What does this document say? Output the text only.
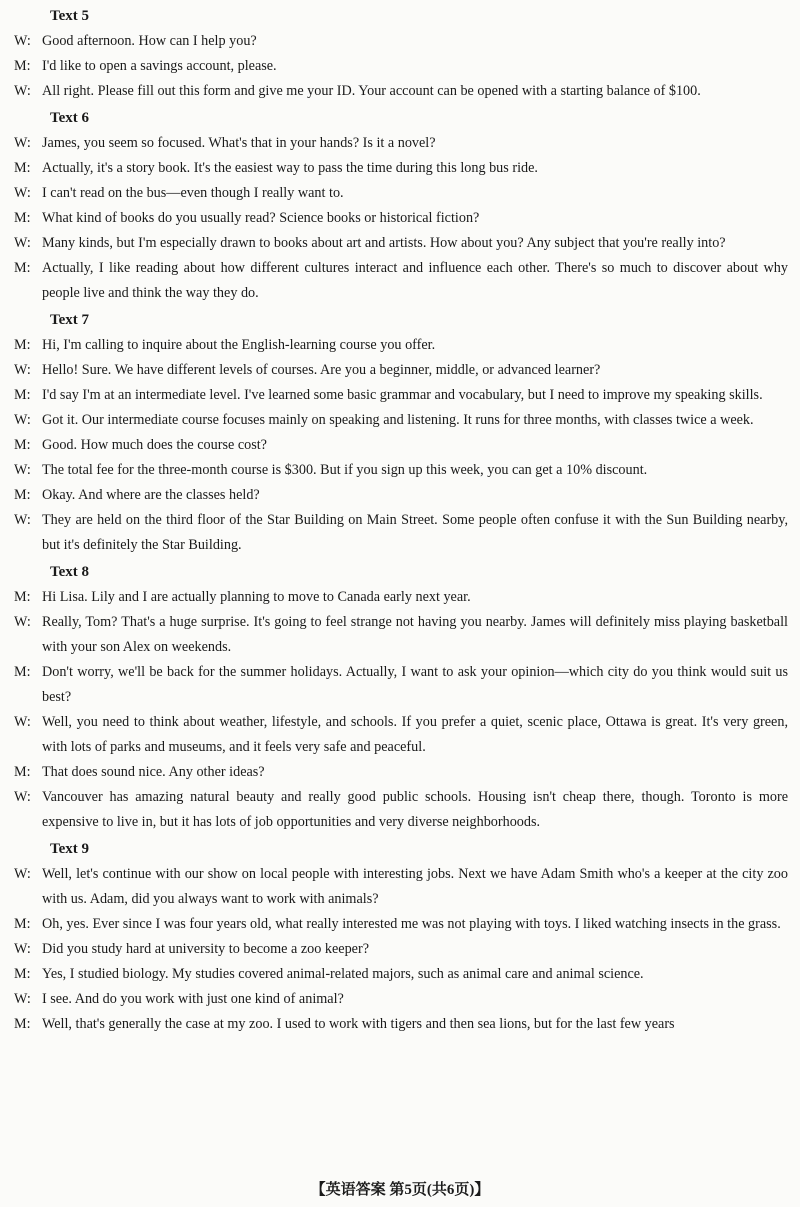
Text 5
W: Good afternoon. How can I help you?
M: I'd like to open a savings account, please.
W: All right. Please fill out this form and give me your ID. Your account can be opened with a starting balance of $100.
Text 6
W: James, you seem so focused. What's that in your hands? Is it a novel?
M: Actually, it's a story book. It's the easiest way to pass the time during this long bus ride.
W: I can't read on the bus—even though I really want to.
M: What kind of books do you usually read? Science books or historical fiction?
W: Many kinds, but I'm especially drawn to books about art and artists. How about you? Any subject that you're really into?
M: Actually, I like reading about how different cultures interact and influence each other. There's so much to discover about why people live and think the way they do.
Text 7
M: Hi, I'm calling to inquire about the English-learning course you offer.
W: Hello! Sure. We have different levels of courses. Are you a beginner, middle, or advanced learner?
M: I'd say I'm at an intermediate level. I've learned some basic grammar and vocabulary, but I need to improve my speaking skills.
W: Got it. Our intermediate course focuses mainly on speaking and listening. It runs for three months, with classes twice a week.
M: Good. How much does the course cost?
W: The total fee for the three-month course is $300. But if you sign up this week, you can get a 10% discount.
M: Okay. And where are the classes held?
W: They are held on the third floor of the Star Building on Main Street. Some people often confuse it with the Sun Building nearby, but it's definitely the Star Building.
Text 8
M: Hi Lisa. Lily and I are actually planning to move to Canada early next year.
W: Really, Tom? That's a huge surprise. It's going to feel strange not having you nearby. James will definitely miss playing basketball with your son Alex on weekends.
M: Don't worry, we'll be back for the summer holidays. Actually, I want to ask your opinion—which city do you think would suit us best?
W: Well, you need to think about weather, lifestyle, and schools. If you prefer a quiet, scenic place, Ottawa is great. It's very green, with lots of parks and museums, and it feels very safe and peaceful.
M: That does sound nice. Any other ideas?
W: Vancouver has amazing natural beauty and really good public schools. Housing isn't cheap there, though. Toronto is more expensive to live in, but it has lots of job opportunities and very diverse neighborhoods.
Text 9
W: Well, let's continue with our show on local people with interesting jobs. Next we have Adam Smith who's a keeper at the city zoo with us. Adam, did you always want to work with animals?
M: Oh, yes. Ever since I was four years old, what really interested me was not playing with toys. I liked watching insects in the grass.
W: Did you study hard at university to become a zoo keeper?
M: Yes, I studied biology. My studies covered animal-related majors, such as animal care and animal science.
W: I see. And do you work with just one kind of animal?
M: Well, that's generally the case at my zoo. I used to work with tigers and then sea lions, but for the last few years
【英语答案 第5页(共6页)】
